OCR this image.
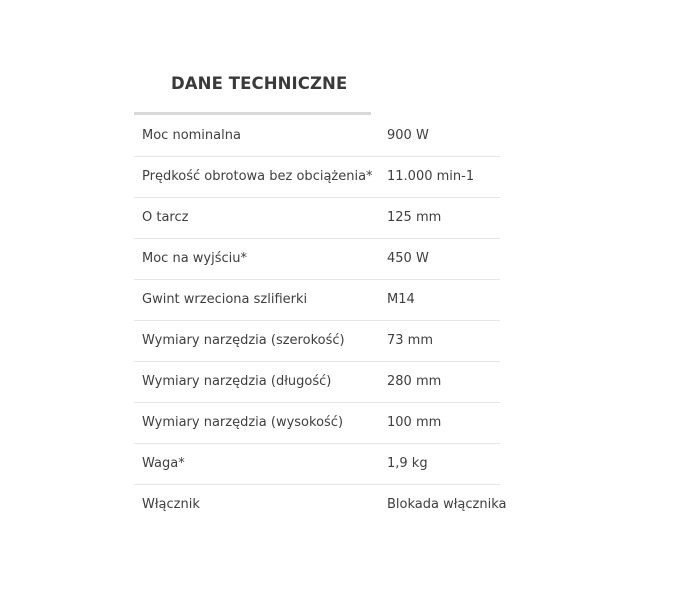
DANE TECHNICZNE
Moc nominalna	900 W
Prędkość obrotowa bez obciążenia*	11.000 min-1
O tarcz	125 mm
Moc na wyjściu*	450 W
Gwint wrzeciona szlifierki	M14
Wymiary narzędzia (szerokość)	73 mm
Wymiary narzędzia (długość)	280 mm
Wymiary narzędzia (wysokość)	100 mm
Waga*	1,9 kg
Włącznik	Blokada włącznika
